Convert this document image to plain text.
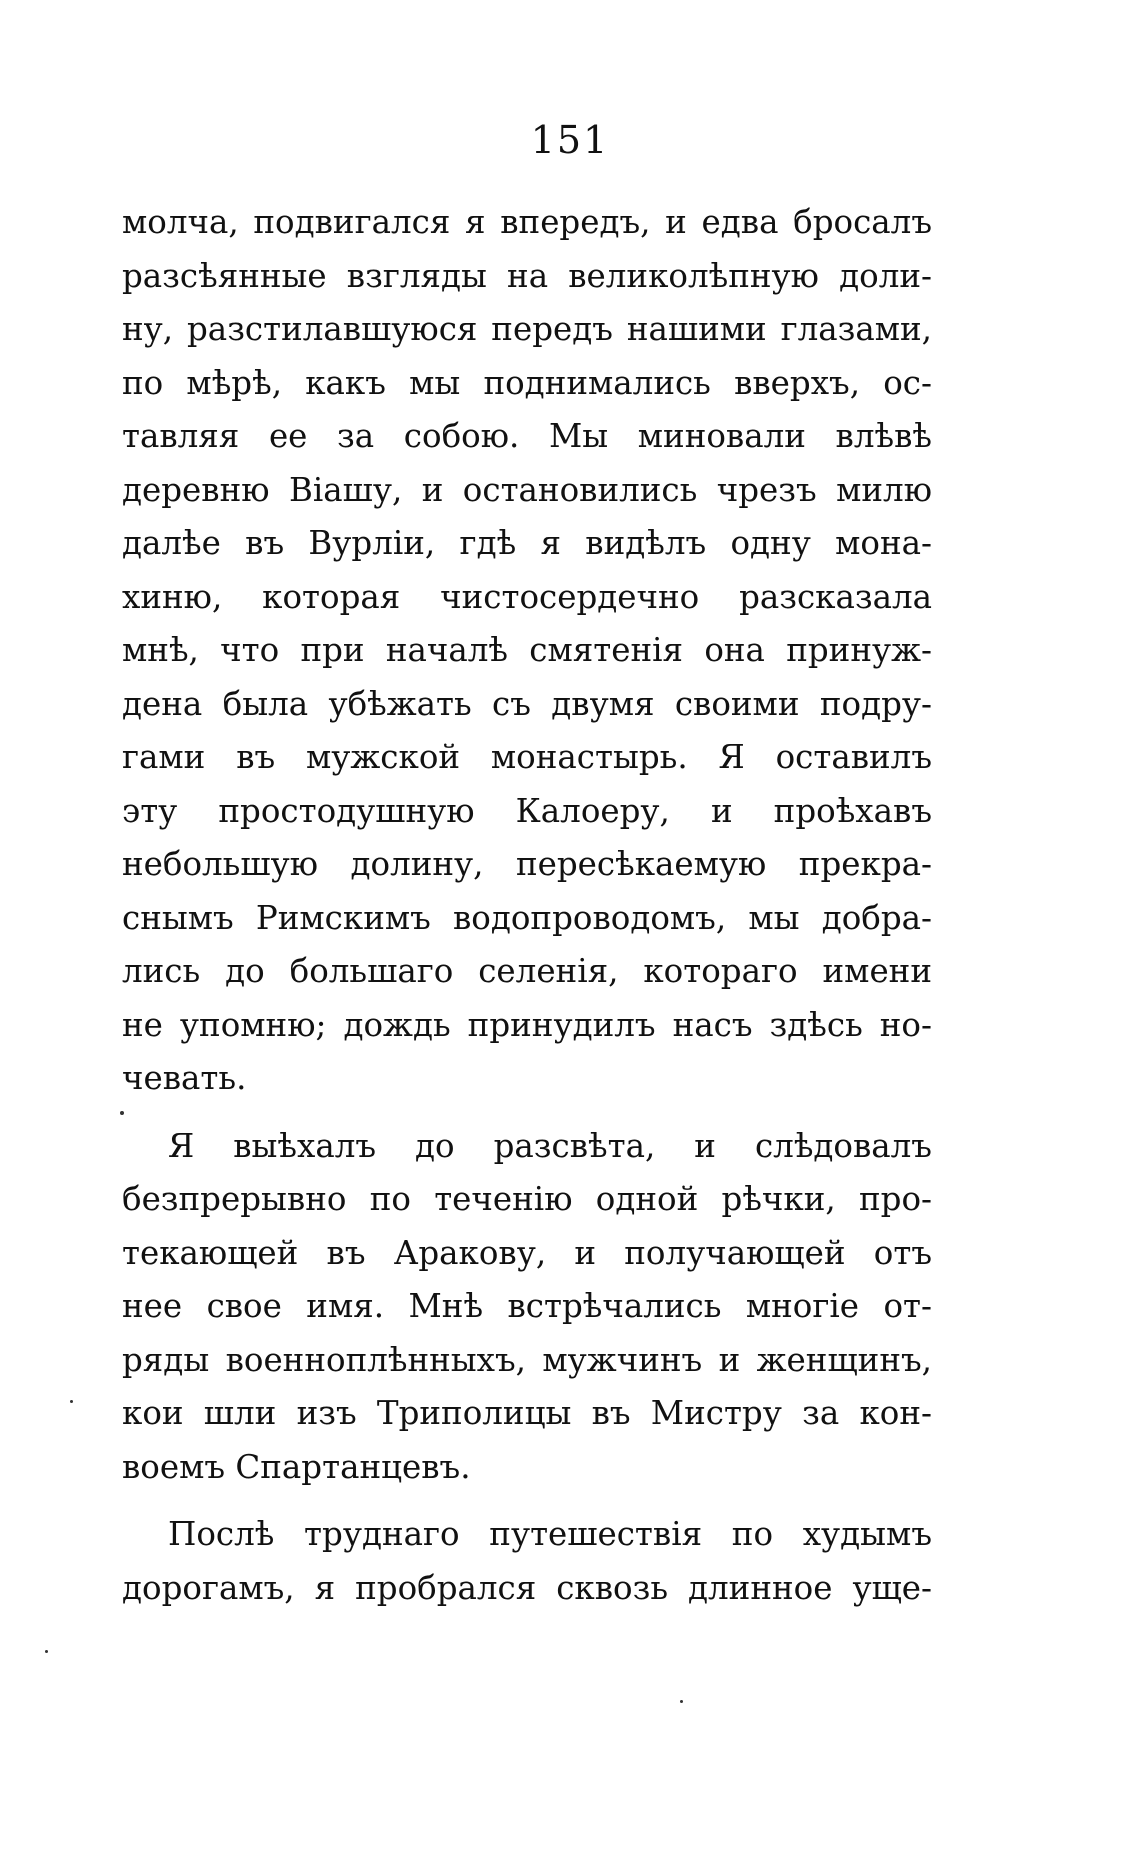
151
молча, подвигался я впередъ, и едва бросалъ
разсѣянные взгляды на великолѣпную доли-
ну, разстилавшуюся передъ нашими глазами,
по мѣрѣ, какъ мы поднимались вверхъ, ос-
тавляя ее за собою. Мы миновали влѣвѣ
деревню Віашу, и остановились чрезъ милю
далѣе въ Вурліи, гдѣ я видѣлъ одну мона-
хиню, которая чистосердечно разсказала
мнѣ, что при началѣ смятенія она принуж-
дена была убѣжать съ двумя своими подру-
гами въ мужской монастырь. Я оставилъ
эту простодушную Калоеру, и проѣхавъ
небольшую долину, пересѣкаемую прекра-
снымъ Римскимъ водопроводомъ, мы добра-
лись до большаго селенія, котораго имени
не упомню; дождь принудилъ насъ здѣсь но-
чевать.
Я выѣхалъ до разсвѣта, и слѣдовалъ
безпрерывно по теченію одной рѣчки, про-
текающей въ Аракову, и получающей отъ
нее свое имя. Мнѣ встрѣчались многіе от-
ряды военноплѣнныхъ, мужчинъ и женщинъ,
кои шли изъ Триполицы въ Мистру за кон-
воемъ Спартанцевъ.
Послѣ труднаго путешествія по худымъ
дорогамъ, я пробрался сквозь длинное уще-
